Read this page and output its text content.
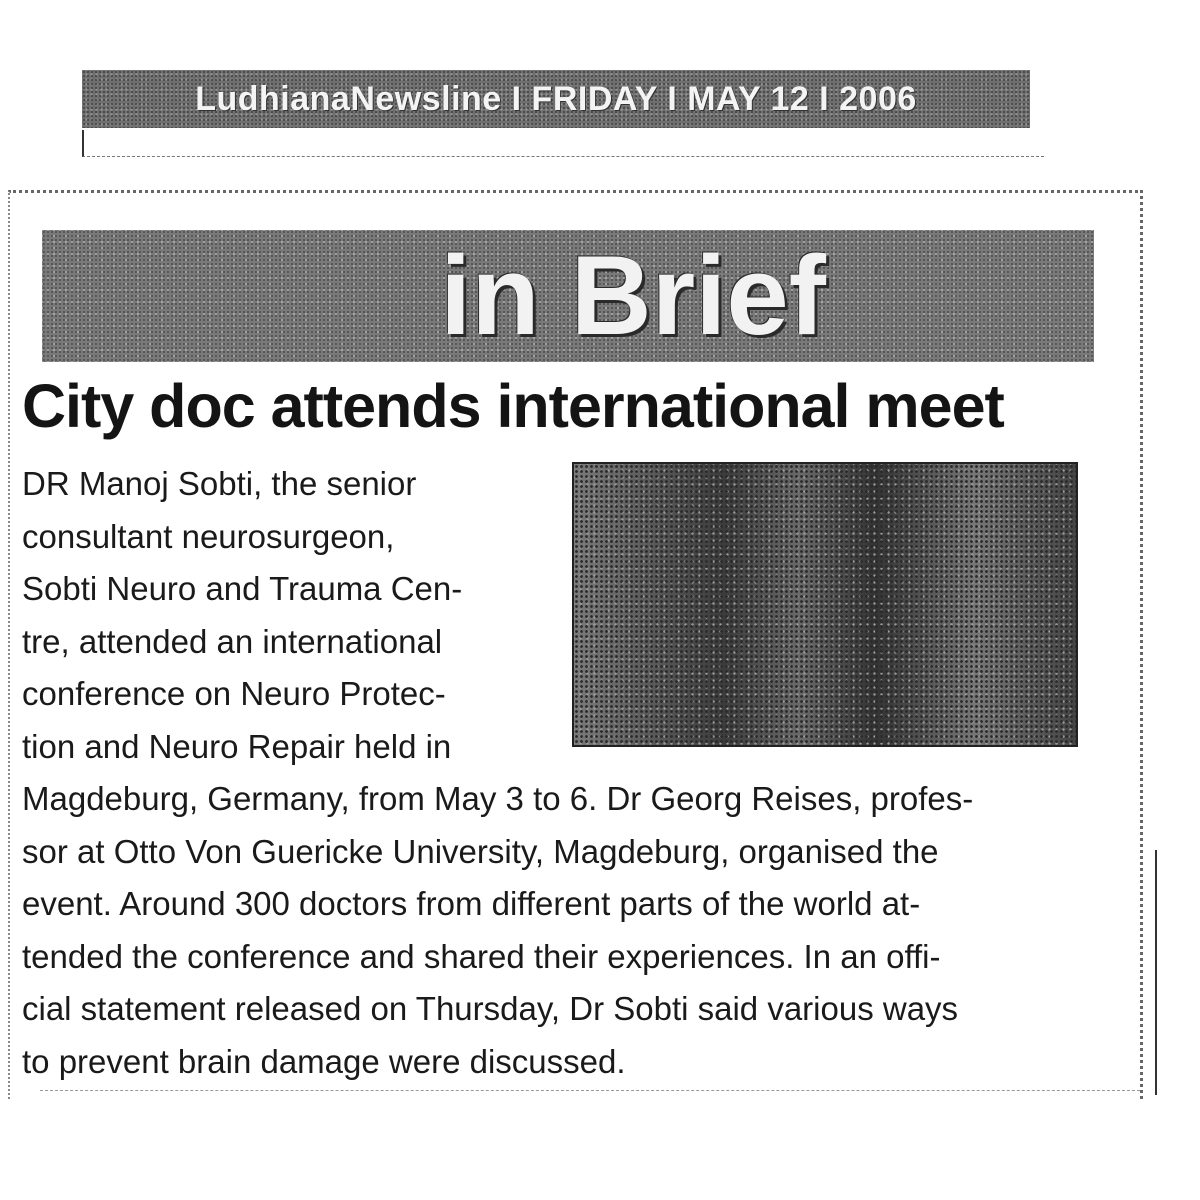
LudhianaNewsline I FRIDAY I MAY 12 I 2006
in Brief
City doc attends international meet
DR Manoj Sobti, the senior
consultant neurosurgeon,
Sobti Neuro and Trauma Cen-
tre, attended an international
conference on Neuro Protec-
tion and Neuro Repair held in
Magdeburg, Germany, from May 3 to 6. Dr Georg Reises, profes-
sor at Otto Von Guericke University, Magdeburg, organised the
event. Around 300 doctors from different parts of the world at-
tended the conference and shared their experiences. In an offi-
cial statement released on Thursday, Dr Sobti said various ways
to prevent brain damage were discussed.
